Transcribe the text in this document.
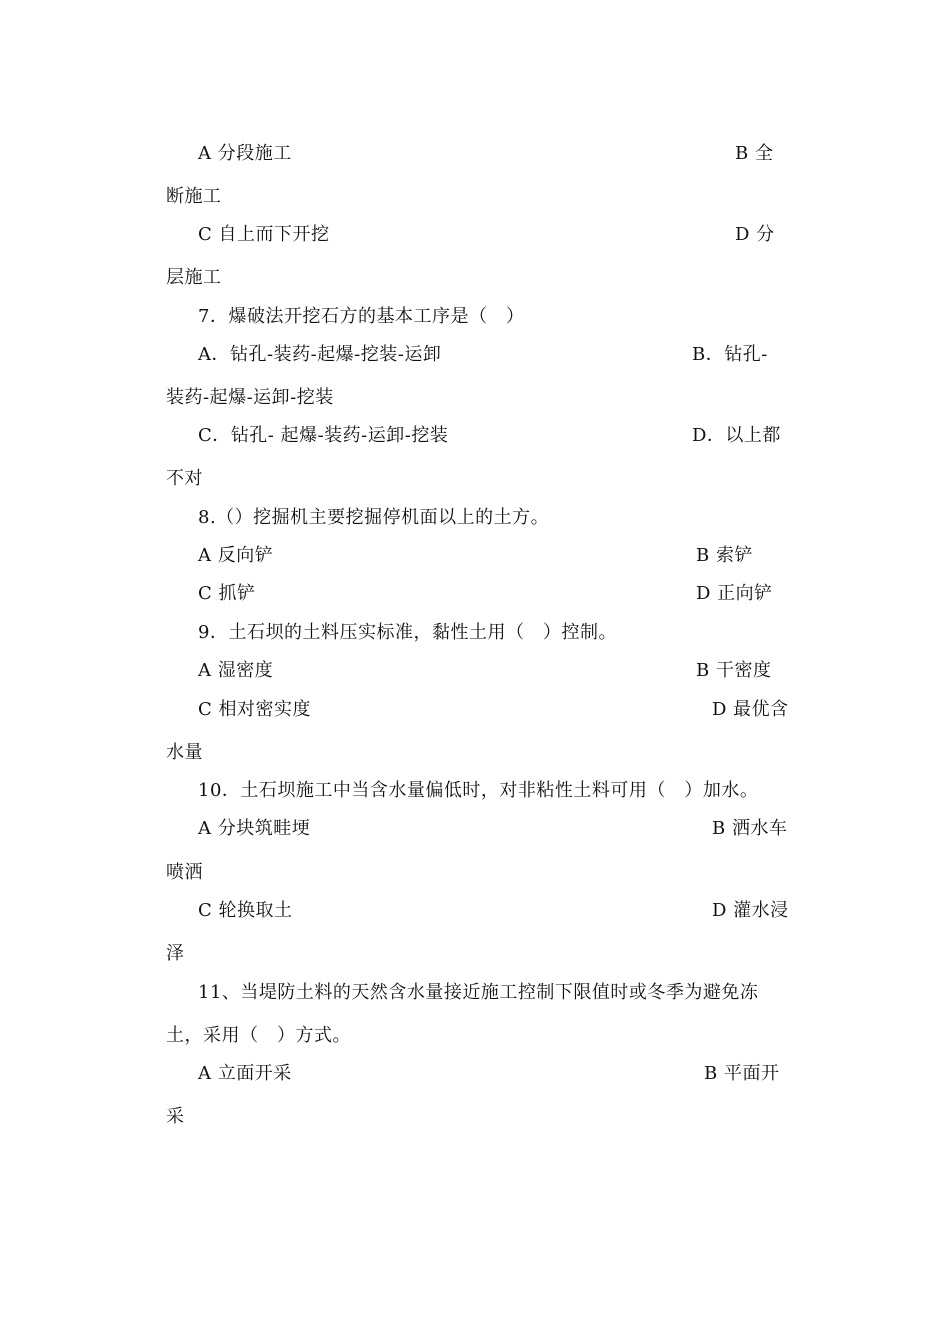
A 分段施工	B 全
断施工
C 自上而下开挖	D 分
层施工
7．爆破法开挖石方的基本工序是（　）
A．钻孔-装药-起爆-挖装-运卸	B．钻孔-
装药-起爆-运卸-挖装
C．钻孔- 起爆-装药-运卸-挖装	D．以上都
不对
8.（）挖掘机主要挖掘停机面以上的土方。
A 反向铲	B 索铲
C 抓铲	D 正向铲
9．土石坝的土料压实标准，黏性土用（　）控制。
A 湿密度	B 干密度
C 相对密实度	D 最优含
水量
10．土石坝施工中当含水量偏低时，对非粘性土料可用（　）加水。
A 分块筑畦埂	B 洒水车
喷洒
C 轮换取土	D 灌水浸
泽
11、当堤防土料的天然含水量接近施工控制下限值时或冬季为避免冻
土，采用（　）方式。
A 立面开采	B 平面开
采
